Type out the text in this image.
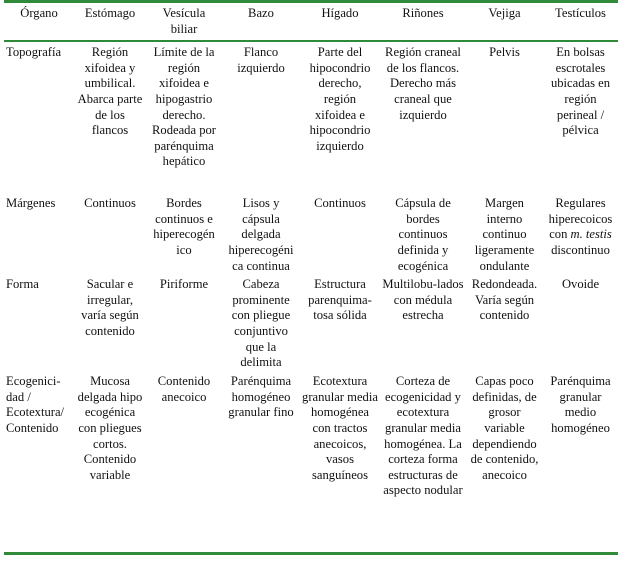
Órgano	Estómago	Vesícula biliar	Bazo	Hígado	Riñones	Vejiga	Testículos

Topografía	Región xifoidea y umbilical. Abarca parte de los flancos	Límite de la región xifoidea e hipogastrio derecho. Rodeada por parénquima hepático	Flanco izquierdo	Parte del hipocondrio derecho, región xifoidea e hipocondrio izquierdo	Región craneal de los flancos. Derecho más craneal que izquierdo	Pelvis	En bolsas escrotales ubicadas en región perineal / pélvica
Márgenes	Continuos	Bordes continuos e hiperecogén ico	Lisos y cápsula delgada hiperecogéni ca continua	Continuos	Cápsula de bordes continuos definida y ecogénica	Margen interno continuo ligeramente ondulante	Regulares hiperecoicos con m. testis discontinuo
Forma	Sacular e irregular, varía según contenido	Piriforme	Cabeza prominente con pliegue conjuntivo que la delimita	Estructura parenquima-tosa sólida	Multilobu-lados con médula estrecha	Redondeada. Varía según contenido	Ovoide
Ecogenici-dad / Ecotextura/ Contenido	Mucosa delgada hipo ecogénica con pliegues cortos. Contenido variable	Contenido anecoico	Parénquima homogéneo granular fino	Ecotextura granular media homogénea con tractos anecoicos, vasos sanguíneos	Corteza de ecogenicidad y ecotextura granular media homogénea. La corteza forma estructuras de aspecto nodular	Capas poco definidas, de grosor variable dependiendo de contenido, anecoico	Parénquima granular medio homogéneo
